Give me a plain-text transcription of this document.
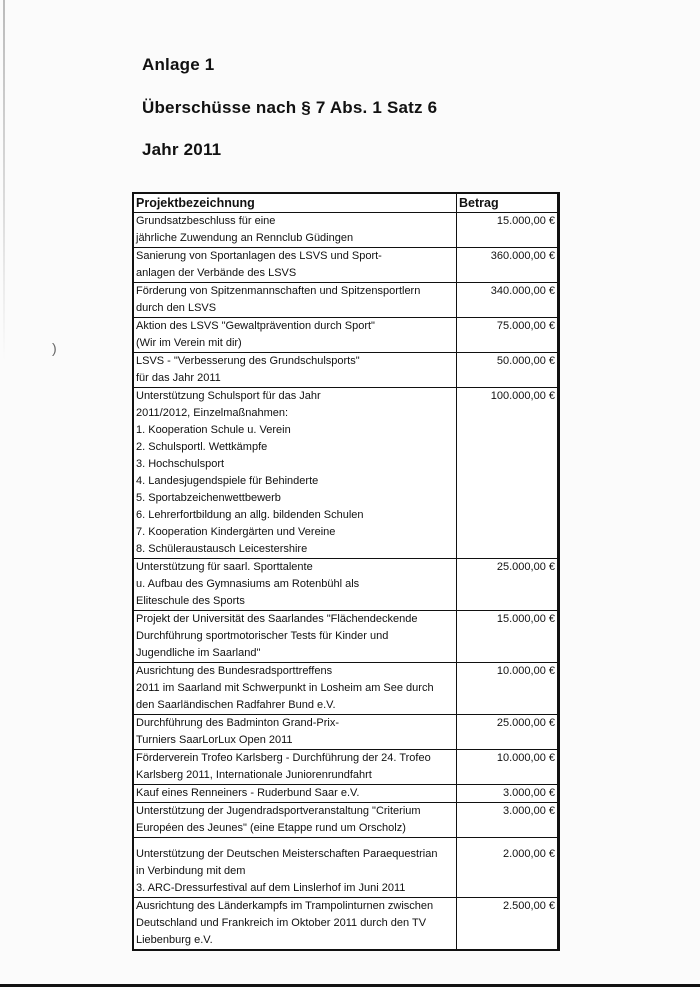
)
Anlage 1
Überschüsse nach § 7 Abs. 1 Satz 6
Jahr 2011
Projektbezeichnung	Betrag
Grundsatzbeschluss für eine
jährliche Zuwendung an Rennclub Güdingen
15.000,00 €
Sanierung von Sportanlagen des LSVS und Sport-
anlagen der Verbände des LSVS
360.000,00 €
Förderung von Spitzenmannschaften und Spitzensportlern
durch den LSVS
340.000,00 €
Aktion des LSVS "Gewaltprävention durch Sport"
(Wir im Verein mit dir)
75.000,00 €
LSVS - "Verbesserung des Grundschulsports"
für das Jahr 2011
50.000,00 €
Unterstützung Schulsport für das Jahr
2011/2012, Einzelmaßnahmen:
1. Kooperation Schule u. Verein
2. Schulsportl. Wettkämpfe
3. Hochschulsport
4. Landesjugendspiele für Behinderte
5. Sportabzeichenwettbewerb
6. Lehrerfortbildung an allg. bildenden Schulen
7. Kooperation Kindergärten und Vereine
8. Schüleraustausch Leicestershire
100.000,00 €
Unterstützung für saarl. Sporttalente
u. Aufbau des Gymnasiums am Rotenbühl als
Eliteschule des Sports
25.000,00 €
Projekt der Universität des Saarlandes "Flächendeckende
Durchführung sportmotorischer Tests für Kinder und
Jugendliche im Saarland"
15.000,00 €
Ausrichtung des Bundesradsporttreffens
2011 im Saarland mit Schwerpunkt in Losheim am See durch
den Saarländischen Radfahrer Bund e.V.
10.000,00 €
Durchführung des Badminton Grand-Prix-
Turniers SaarLorLux Open 2011
25.000,00 €
Förderverein Trofeo Karlsberg - Durchführung der 24. Trofeo
Karlsberg 2011, Internationale Juniorenrundfahrt
10.000,00 €
Kauf eines Renneiners - Ruderbund Saar e.V.	3.000,00 €
Unterstützung der Jugendradsportveranstaltung "Criterium
Européen des Jeunes" (eine Etappe rund um Orscholz)
3.000,00 €
Unterstützung der Deutschen Meisterschaften Paraequestrian
in Verbindung mit dem
3. ARC-Dressurfestival auf dem Linslerhof im Juni 2011
2.000,00 €
Ausrichtung des Länderkampfs im Trampolinturnen zwischen
Deutschland und Frankreich im Oktober 2011 durch den TV
Liebenburg e.V.
2.500,00 €
